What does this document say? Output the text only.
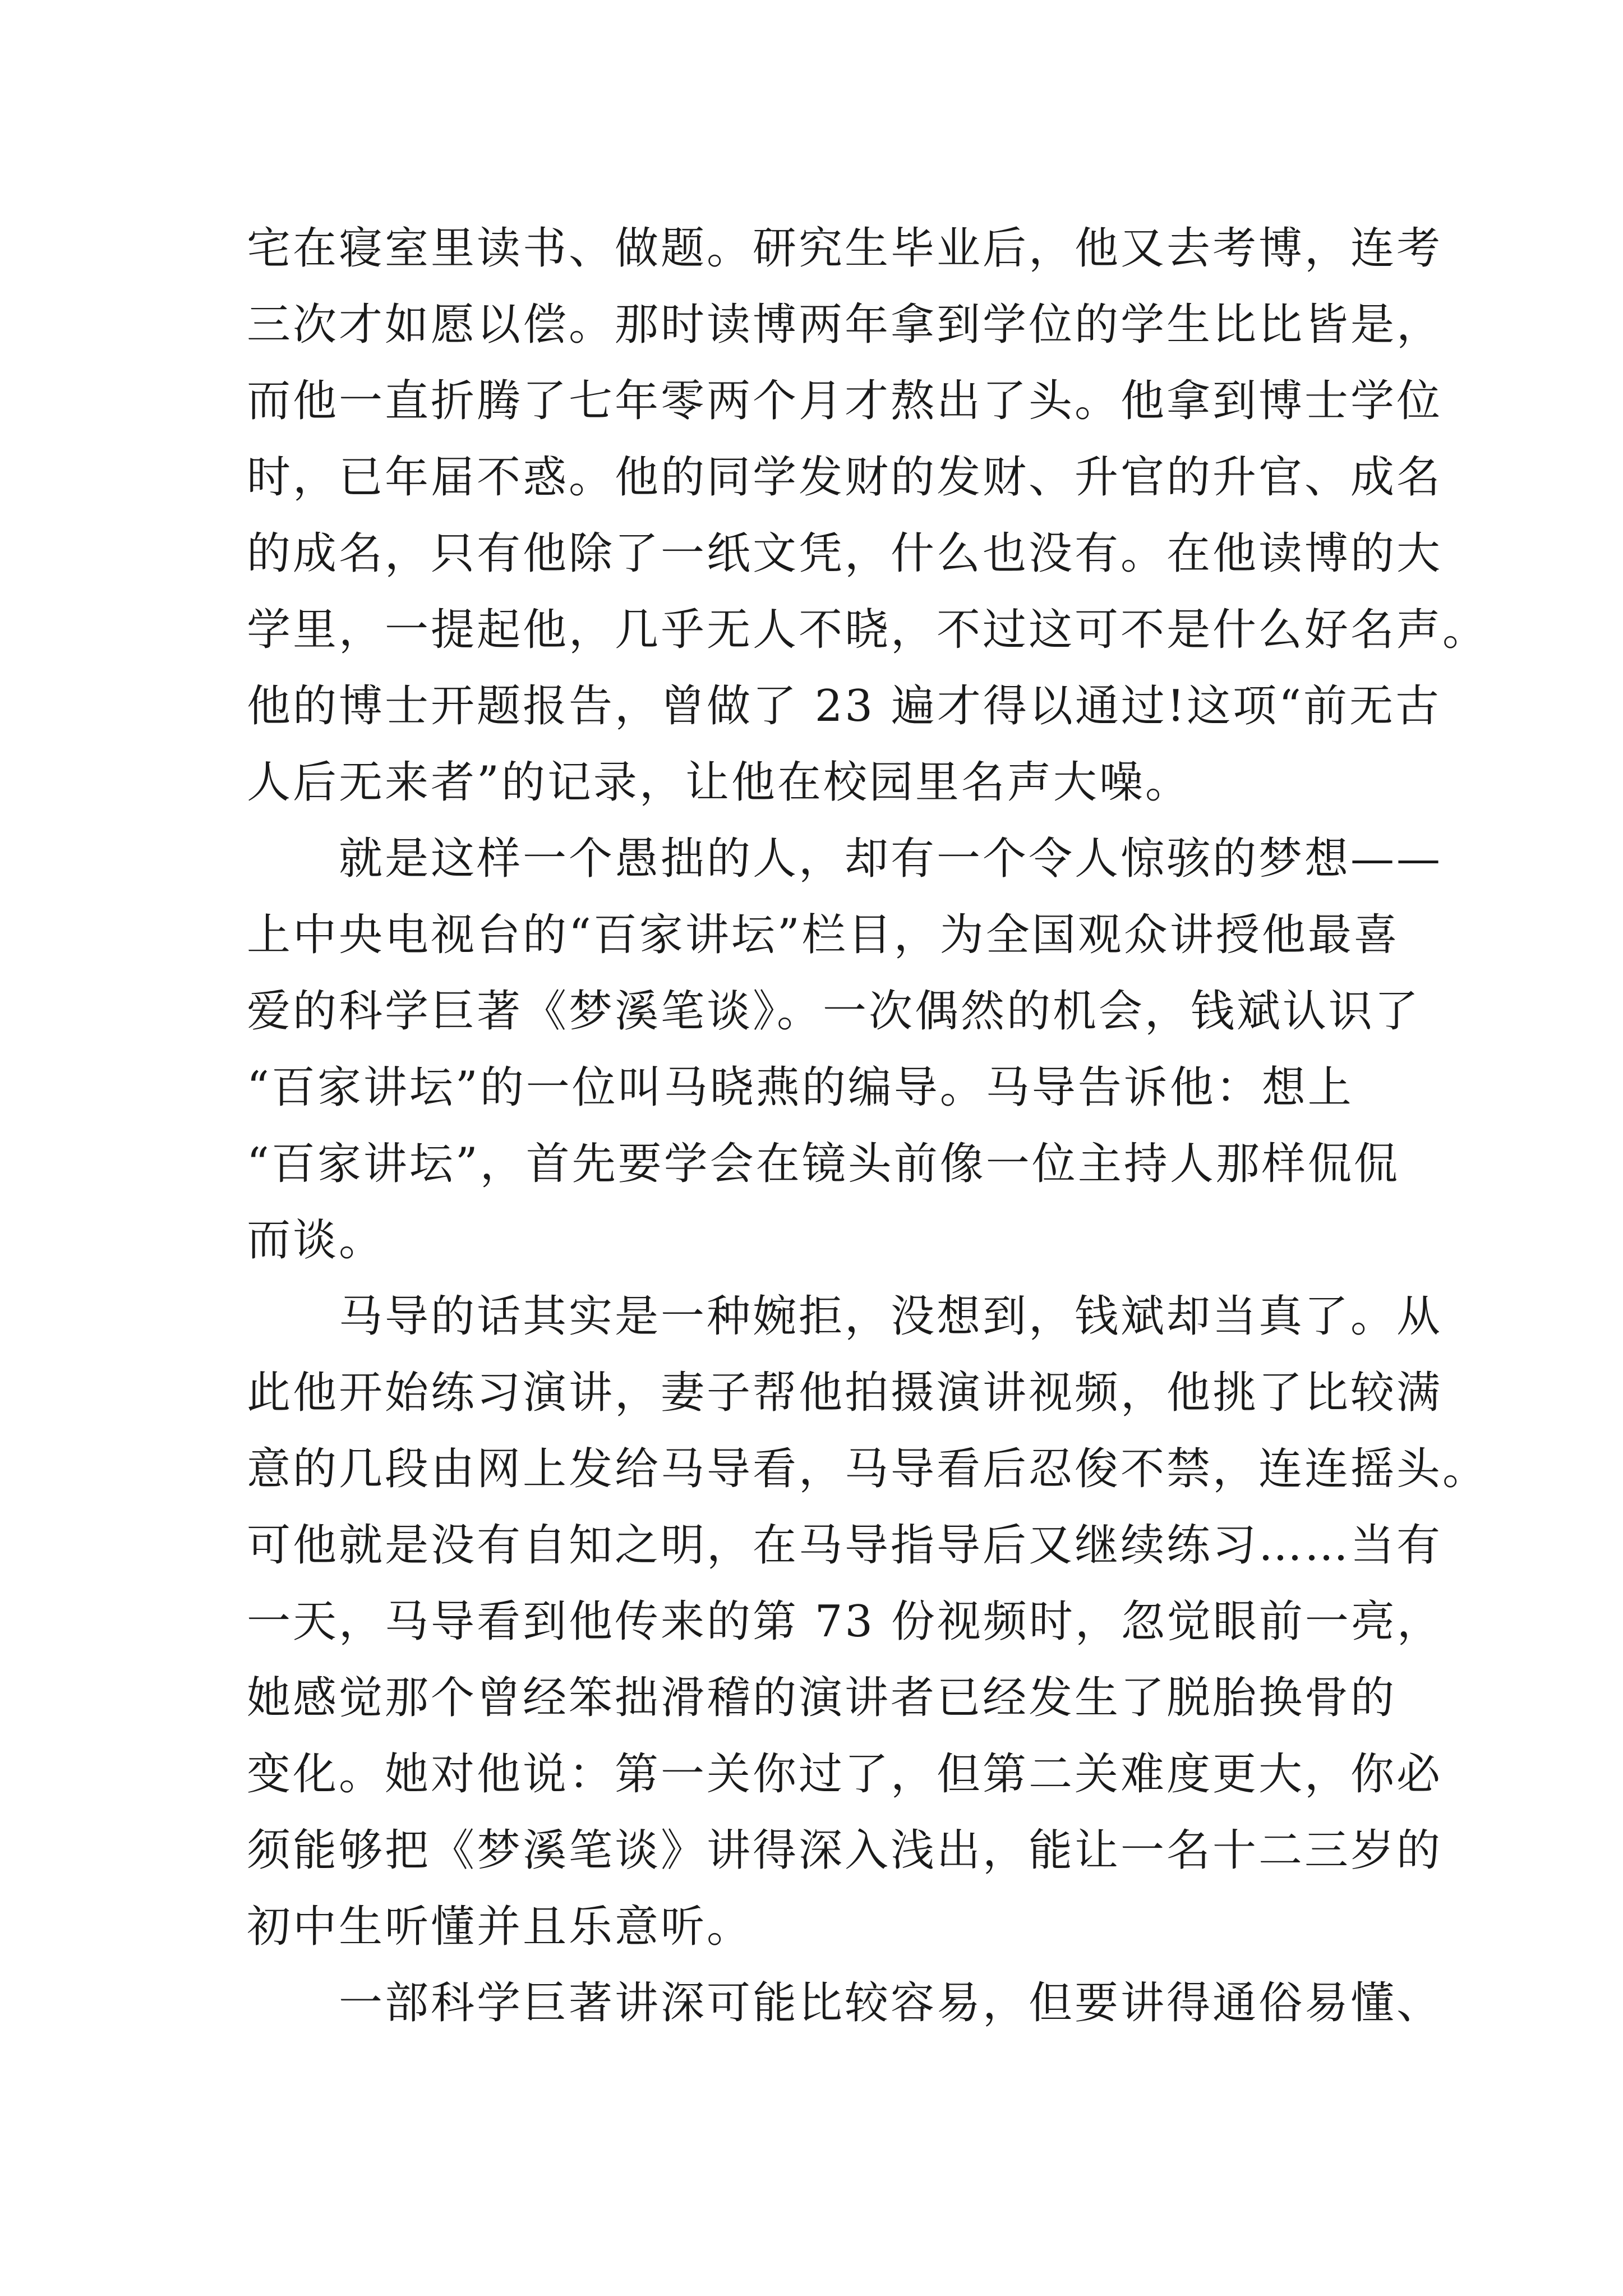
宅在寝室里读书、做题。研究生毕业后，他又去考博，连考
三次才如愿以偿。那时读博两年拿到学位的学生比比皆是，
而他一直折腾了七年零两个月才熬出了头。他拿到博士学位
时，已年届不惑。他的同学发财的发财、升官的升官、成名
的成名，只有他除了一纸文凭，什么也没有。在他读博的大
学里，一提起他，几乎无人不晓，不过这可不是什么好名声。
他的博士开题报告，曾做了 23 遍才得以通过!这项“前无古
人后无来者”的记录，让他在校园里名声大噪。
　　就是这样一个愚拙的人，却有一个令人惊骇的梦想——
上中央电视台的“百家讲坛”栏目，为全国观众讲授他最喜
爱的科学巨著《梦溪笔谈》。一次偶然的机会，钱斌认识了
“百家讲坛”的一位叫马晓燕的编导。马导告诉他：想上
“百家讲坛”，首先要学会在镜头前像一位主持人那样侃侃
而谈。
　　马导的话其实是一种婉拒，没想到，钱斌却当真了。从
此他开始练习演讲，妻子帮他拍摄演讲视频，他挑了比较满
意的几段由网上发给马导看，马导看后忍俊不禁，连连摇头。
可他就是没有自知之明，在马导指导后又继续练习……当有
一天，马导看到他传来的第 73 份视频时，忽觉眼前一亮，
她感觉那个曾经笨拙滑稽的演讲者已经发生了脱胎换骨的
变化。她对他说：第一关你过了，但第二关难度更大，你必
须能够把《梦溪笔谈》讲得深入浅出，能让一名十二三岁的
初中生听懂并且乐意听。
　　一部科学巨著讲深可能比较容易，但要讲得通俗易懂、
